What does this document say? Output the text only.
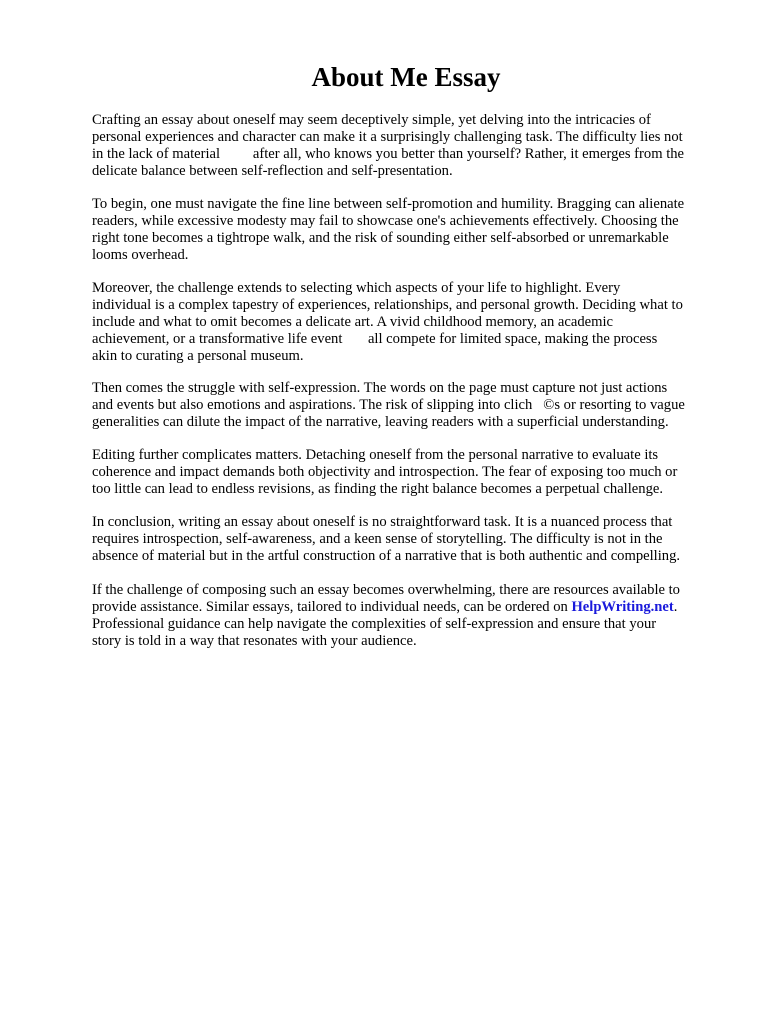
About Me Essay

Crafting an essay about oneself may seem deceptively simple, yet delving into the intricacies of
personal experiences and character can make it a surprisingly challenging task. The difficulty lies not
in the lack of material         after all, who knows you better than yourself? Rather, it emerges from the
delicate balance between self-reflection and self-presentation.

To begin, one must navigate the fine line between self-promotion and humility. Bragging can alienate
readers, while excessive modesty may fail to showcase one's achievements effectively. Choosing the
right tone becomes a tightrope walk, and the risk of sounding either self-absorbed or unremarkable
looms overhead.

Moreover, the challenge extends to selecting which aspects of your life to highlight. Every
individual is a complex tapestry of experiences, relationships, and personal growth. Deciding what to
include and what to omit becomes a delicate art. A vivid childhood memory, an academic
achievement, or a transformative life event       all compete for limited space, making the process
akin to curating a personal museum.

Then comes the struggle with self-expression. The words on the page must capture not just actions
and events but also emotions and aspirations. The risk of slipping into clich   ©s or resorting to vague
generalities can dilute the impact of the narrative, leaving readers with a superficial understanding.

Editing further complicates matters. Detaching oneself from the personal narrative to evaluate its
coherence and impact demands both objectivity and introspection. The fear of exposing too much or
too little can lead to endless revisions, as finding the right balance becomes a perpetual challenge.

In conclusion, writing an essay about oneself is no straightforward task. It is a nuanced process that
requires introspection, self-awareness, and a keen sense of storytelling. The difficulty is not in the
absence of material but in the artful construction of a narrative that is both authentic and compelling.

If the challenge of composing such an essay becomes overwhelming, there are resources available to
provide assistance. Similar essays, tailored to individual needs, can be ordered on HelpWriting.net.
Professional guidance can help navigate the complexities of self-expression and ensure that your
story is told in a way that resonates with your audience.
